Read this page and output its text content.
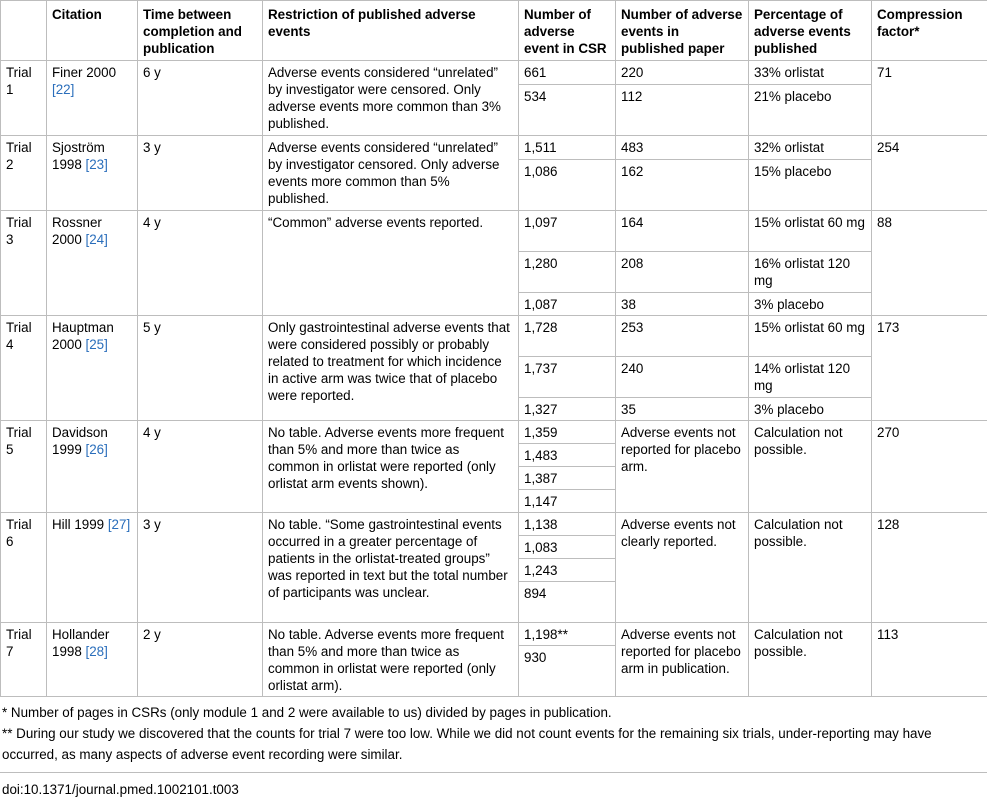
	Citation	Time between completion and publication	Restriction of published adverse events	Number of adverse event in CSR	Number of adverse events in published paper	Percentage of adverse events published	Compression factor*
Trial 1	Finer 2000 [22]	6 y	Adverse events considered “unrelated” by investigator were censored. Only adverse events more common than 3% published.	661	220	33% orlistat	71
				534	112	21% placebo	
Trial 2	Sjoström 1998 [23]	3 y	Adverse events considered “unrelated” by investigator censored. Only adverse events more common than 5% published.	1,511	483	32% orlistat	254
				1,086	162	15% placebo	
Trial 3	Rossner 2000 [24]	4 y	“Common” adverse events reported.	1,097	164	15% orlistat 60 mg	88
				1,280	208	16% orlistat 120 mg	
				1,087	38	3% placebo	
Trial 4	Hauptman 2000 [25]	5 y	Only gastrointestinal adverse events that were considered possibly or probably related to treatment for which incidence in active arm was twice that of placebo were reported.	1,728	253	15% orlistat 60 mg	173
				1,737	240	14% orlistat 120 mg	
				1,327	35	3% placebo	
Trial 5	Davidson 1999 [26]	4 y	No table. Adverse events more frequent than 5% and more than twice as common in orlistat were reported (only orlistat arm events shown).	1,359	Adverse events not reported for placebo arm.	Calculation not possible.	270
				1,483			
				1,387			
				1,147			
Trial 6	Hill 1999 [27]	3 y	No table. “Some gastrointestinal events occurred in a greater percentage of patients in the orlistat-treated groups” was reported in text but the total number of participants was unclear.	1,138	Adverse events not clearly reported.	Calculation not possible.	128
				1,083			
				1,243			
				894			
Trial 7	Hollander 1998 [28]	2 y	No table. Adverse events more frequent than 5% and more than twice as common in orlistat were reported (only orlistat arm).	1,198**	Adverse events not reported for placebo arm in publication.	Calculation not possible.	113
				930			

* Number of pages in CSRs (only module 1 and 2 were available to us) divided by pages in publication.

** During our study we discovered that the counts for trial 7 were too low. While we did not count events for the remaining six trials, under-reporting may have occurred, as many aspects of adverse event recording were similar.

doi:10.1371/journal.pmed.1002101.t003
